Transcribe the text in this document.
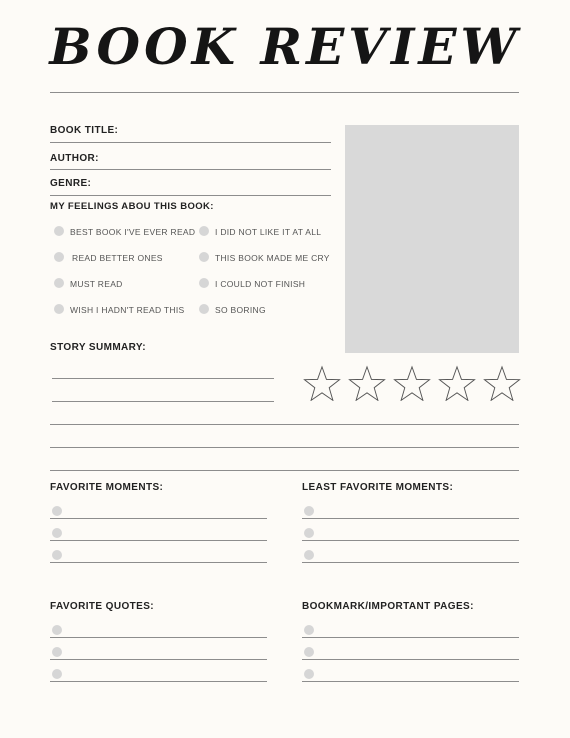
BOOK REVIEW
BOOK TITLE:
AUTHOR:
GENRE:
MY FEELINGS ABOU THIS BOOK:
BEST BOOK I'VE EVER READ
READ BETTER ONES
MUST READ
WISH I HADN'T READ THIS
I DID NOT LIKE IT AT ALL
THIS BOOK MADE ME CRY
I COULD NOT FINISH
SO BORING
STORY SUMMARY:
FAVORITE MOMENTS:	LEAST FAVORITE MOMENTS:
FAVORITE QUOTES:	BOOKMARK/IMPORTANT PAGES:
